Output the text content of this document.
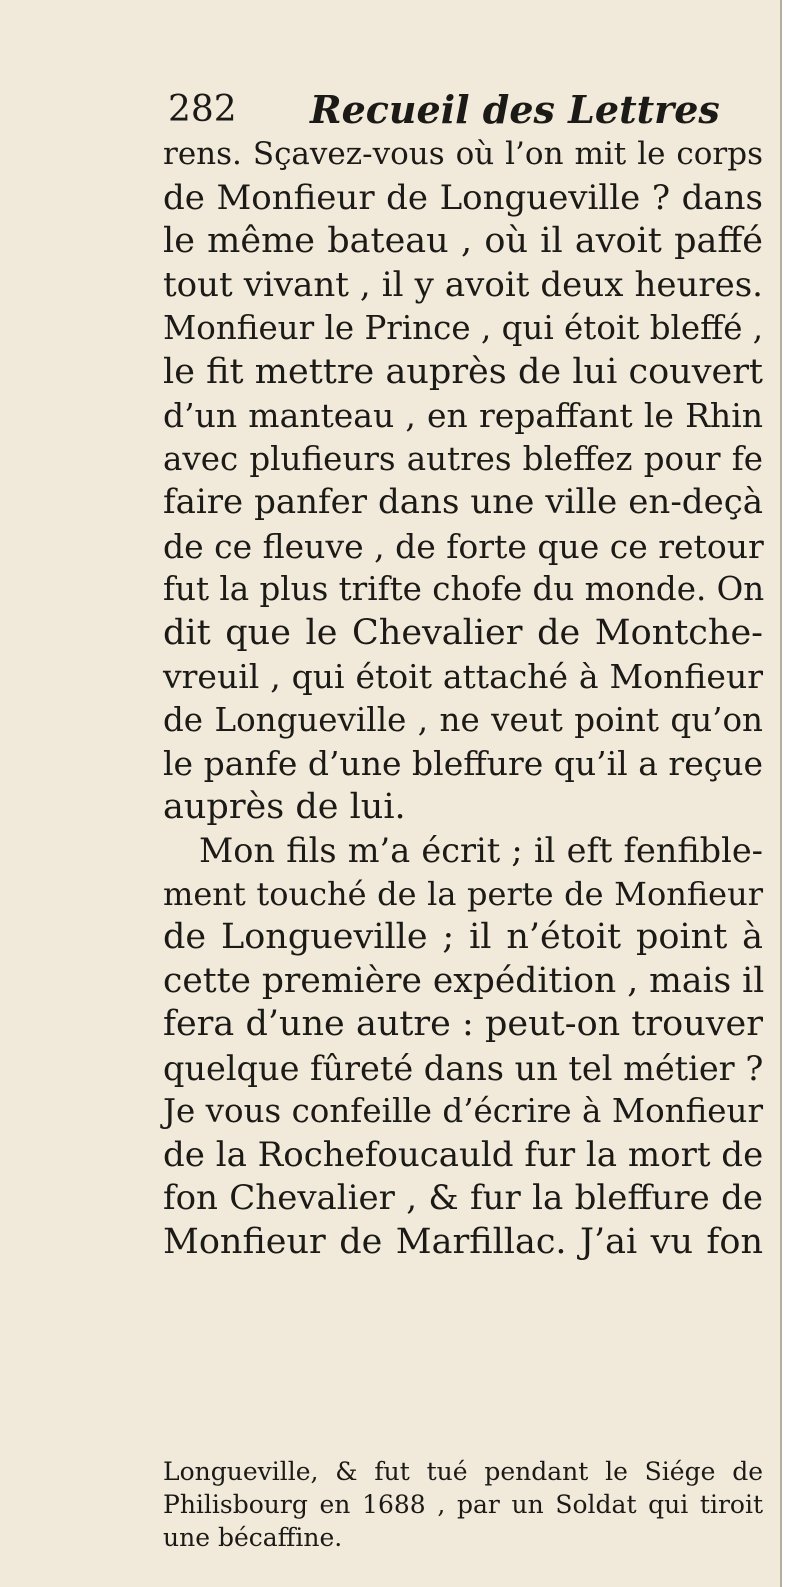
282 Recueil des Lettres
rens. Sçavez-vous où l’on mit le corps
de Monfieur de Longueville ? dans
le même bateau , où il avoit paffé
tout vivant , il y avoit deux heures.
Monfieur le Prince , qui étoit bleffé ,
le fit mettre auprès de lui couvert
d’un manteau , en repaffant le Rhin
avec plufieurs autres bleffez pour fe
faire panfer dans une ville en-deçà
de ce fleuve , de forte que ce retour
fut la plus trifte chofe du monde. On
dit que le Chevalier de Montche-
vreuil , qui étoit attaché à Monfieur
de Longueville , ne veut point qu’on
le panfe d’une bleffure qu’il a reçue
auprès de lui.
Mon fils m’a écrit ; il eft fenfible-
ment touché de la perte de Monfieur
de Longueville ; il n’étoit point à
cette première expédition , mais il
fera d’une autre : peut-on trouver
quelque fûreté dans un tel métier ?
Je vous confeille d’écrire à Monfieur
de la Rochefoucauld fur la mort de
fon Chevalier , & fur la bleffure de
Monfieur de Marfillac. J’ai vu fon
Longueville, & fut tué pendant le Siége de
Philisbourg en 1688 , par un Soldat qui tiroit
une bécaffine.
